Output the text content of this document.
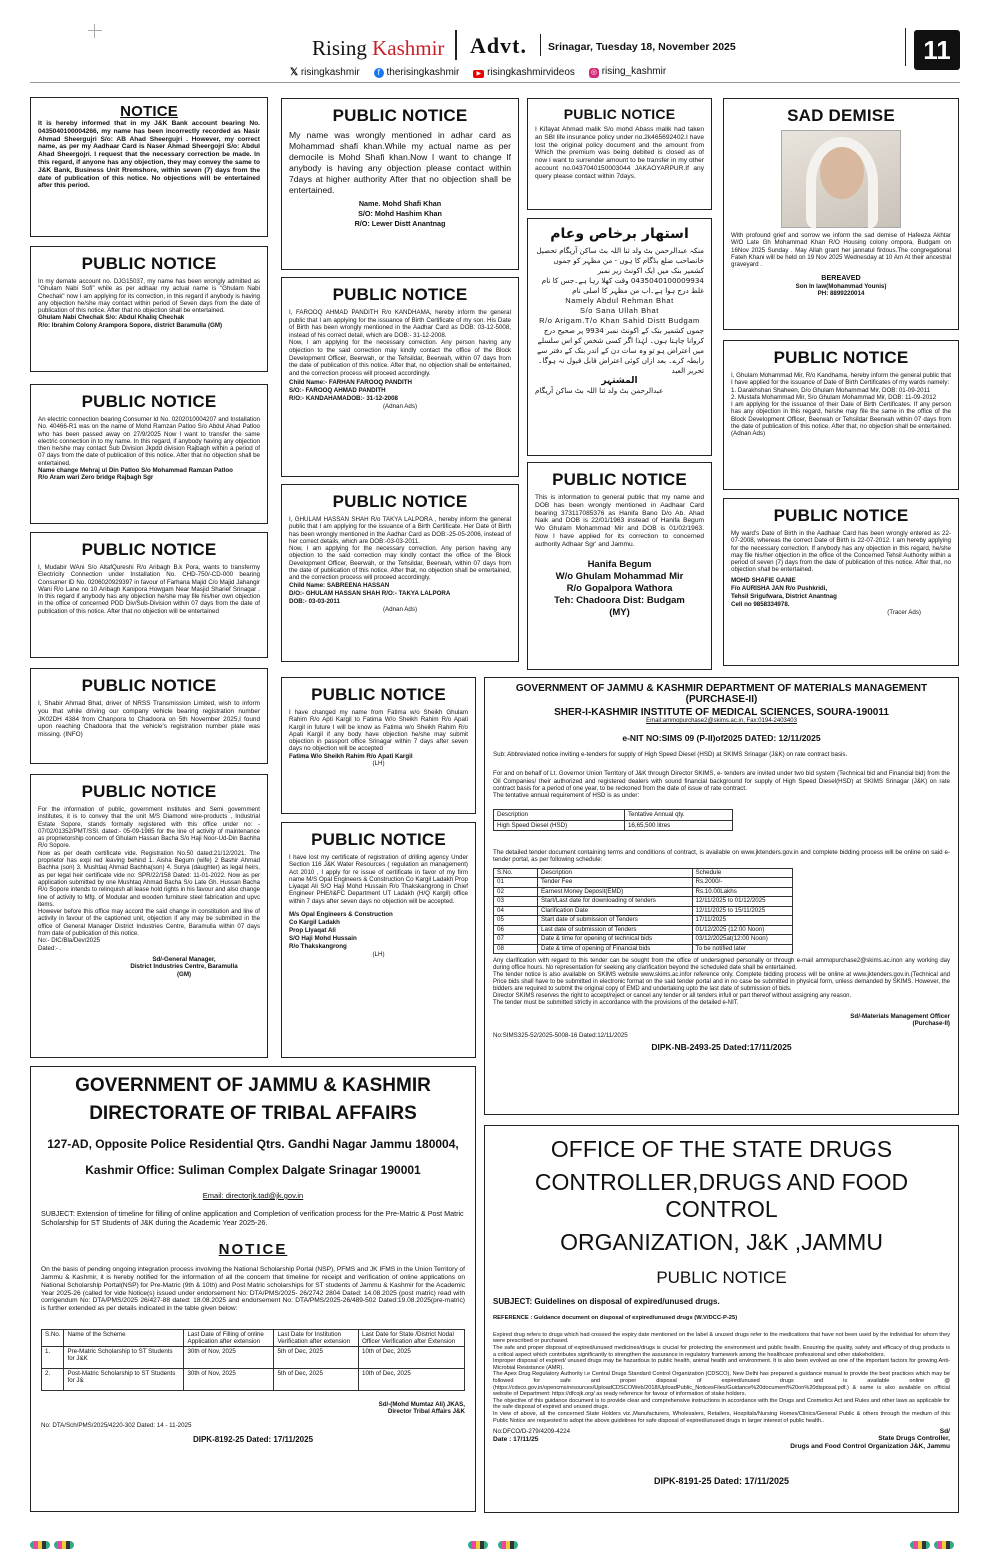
Rising Kashmir Advt. Srinagar, Tuesday 18, November 2025	11
𝕏 risingkashmir	f therisingkashmir	▶ risingkashmirvideos ◎ rising_kashmir
NOTICE

It is hereby informed that in my J&K Bank account bearing No. 0435040100004266, my name has been incorrectly recorded as Nasir Ahmad Sheergujri S/o: AB Ahad Sheergujri . However, my correct name, as per my Aadhaar Card is Naser Ahmad Sheergojri S/o: Abdul Ahad Sheergojri. I request that the necessary correction be made. In this regard, if anyone has any objection, they may convey the same to J&K Bank, Business Unit Rremshore, within seven (7) days from the date of publication of this notice. No objections will be entertained after this period.

PUBLIC NOTICE

My name was wrongly mentioned in adhar card as Mohammad shafi khan.While my actual name as per democile is Mohd Shafi khan.Now I want to change If anybody is having any objection please contact within 7days at higher authority After that no objection shall be entertained.

Name. Mohd Shafi Khan
S/O: Mohd Hashim Khan
R/O: Lewer Distt Anantnag

PUBLIC NOTICE

I Kifayat Ahmad malik S/o mohd Abass malik had taken an SBI life insurance policy under no.2k465692402.I have lost the original policy document and the amount from Which the premium was being debited is closed as of now I want to surrender amount to be transfer in my other account no.0437040150003044 JAKAOYARPUR.If any query please contact within 7days.

SAD DEMISE

With profound grief and sorrow we inform the sad demise of Hafeeza Akhtar W/O Late Gh Mohammad Khan R/O Housing colony ompora, Budgam on 16Nov 2025 Sunday . May Allah grant her jannatul firdous.The congregational Fateh Khani will be held on 19 Nov 2025 Wednesday at 10 Am At their ancestral graveyard .

BEREAVED

Son In law(Mohammad Younis)

PH: 8899220014

PUBLIC NOTICE

In my demate account no. DJG15037, my name has been wrongly admitted as "Ghulam Nabi Sofi" while as per adhaar my actual name is "Ghulam Nabi Chechak" now I am applying for its correction, in this regard if anybody is having any objection he/she may contact within period of Seven days from the date of publication of this notice. After that no objection shall be entertained.

Ghulam Nabi Chechak S/o: Abdul Khaliq Chechak
R/o: Ibrahim Colony Arampora Sopore, district Baramulla (GM)

PUBLIC NOTICE

I, FAROOQ AHMAD PANDITH R/o KANDHAMA, hereby inform the general public that I am applying for the issuance of Birth Certificate of my son. His Date of Birth has been wrongly mentioned in the Aadhar Card as DOB: 03-12-5008, instead of his correct detail, which are DOB:- 31-12-2008.
Now, I am applying for the necessary correction. Any person having any objection to the said correction may kindly contact the office of the Block Development Officer, Beerwah, or the Tehsildar, Beerwah, within 07 days from the date of publication of this notice. After that, no objection shall be entertained, and the correction process will proceed accordingly.

Child Name:- FARHAN FAROOQ PANDITH
S/O:- FAROOQ AHMAD PANDITH
R/O:- KANDAHAMADOB:- 31-12-2008

(Adnan Ads)

استھار برخاص وعام

منکہ عبدالرحمن بٹ ولد ثنا اللہ بٹ ساکن آریگام تحصیل خانصاحب ضلع بڈگام کا ہوں - من مظہر کو جموں کشمیر بنک میں ایک اکونٹ زیر نمبر 0435040100009934 وقت کھلا رہا ہے۔جس کا نام غلط درج ہوا ہے۔اب من مظہر کا اصلی نام

Namely Abdul Rehman Bhat
S/o Sana Ullah Bhat
R/o Arigam.T/o Khan Sahid Distt Budgam

جموں کشمیر بنک کے اکونٹ نمبر 9934 پر صحیح درج کروانا چاہتا ہوں۔ لہٰذا اگر کسی شخص کو اس سلسلے میں اعتراض ہو تو وہ سات دن کے اندر بنک کے دفتر سے رابطہ کرے۔ بعد ازاں کوئی اعتراض قابل قبول نہ ہوگا۔ تحریر العبد

المشتہر

عبدالرحمن بٹ ولد ثنا اللہ بٹ ساکن آریگام

PUBLIC NOTICE

An electric connection bearing Consumer Id No. 0202010004207 and Installation No. 40466-R1 was on the name of Mohd Ramzan Patloo S/o Abdul Ahad Patloo who has been passed away on 27/9/2025 Now I want to transfer the same electric connection in to my name. In this regard, if anybody having any objection then he/she may contact Sub Division Jkpdd division Rajbagh within a period of 07 days from the date of publication of this notice. After that no objection shall be entertained.

Name change Mehraj ul Din Patloo S/o Mohammad Ramzan Patloo
R/o Aram wari Zero bridge Rajbagh Sgr

PUBLIC NOTICE

I, Ghulam Mohammad Mir, R/o Kandhama, hereby inform the general public that I have applied for the issuance of Date of Birth Certificates of my wards namely:
1. Darakhshan Shaheen, D/o Ghulam Mohammad Mir, DOB: 01-09-2011
2. Mustafa Mohammad Mir, S/o Ghulam Mohammad Mir, DOB: 11-09-2012
I am applying for the issuance of their Date of Birth Certificates. If any person has any objection in this regard, he/she may file the same in the office of the Block Development Officer, Beerwah or Tehsildar Beerwah within 07 days from the date of publication of this notice. After that, no objection shall be entertained. (Adnan Ads)

PUBLIC NOTICE

This is information to general public that my name and DOB has been wrongly mentioned in Aadhaar Card bearing 373117085376 as Hanifa Bano D/o Ab. Ahad Naik and DOB is 22/01/1963 instead of Hanifa Begum Wo Ghulam Mohammad Mir and DOB is 01/02/1963. Now I have applied for its correction to concerned authority Adhaar Sgr' and Jammu.

Hanifa Begum
W/o Ghulam Mohammad Mir
R/o Gopalpora Wathora
Teh: Chadoora Dist: Budgam
(MY)

PUBLIC NOTICE

I, GHULAM HASSAN SHAH R/o TAKYA LALPORA , hereby inform the general public that I am applying for the issuance of a Birth Certificate. Her Date of Birth has been wrongly mentioned in the Aadhar Card as DOB:-25-05-2006, instead of her correct details, which are DOB:-03-03-2011.
Now, I am applying for the necessary correction. Any person having any objection to the said correction may kindly contact the office of the Block Development Officer, Beerwah, or the Tehsildar, Beerwah, within 07 days from the date of publication of this notice. After that, no objection shall be entertained, and the correction process will proceed accordingly.

Child Name: SABREENA HASSAN
D/O:- GHULAM HASSAN SHAH R/O:- TAKYA LALPORA
DOB:- 03-03-2011

(Adnan Ads)

PUBLIC NOTICE

My ward's Date of Birth in the Aadhaar Card has been wrongly entered as 22-07-2008, whereas the correct Date of Birth is 22-07-2012. I am hereby applying for the necessary correction. If anybody has any objection in this regard, he/she may file his/her objection in the office of the Concerned Tehsil Authority within a period of seven (7) days from the date of publication of this notice. After that, no objection shall be entertained.

MOHD SHAFIE GANIE
F/o AURISHA JAN R/o Pushkridi,
Tehsil Srigufwara, District Anantnag
Cell no 9858334978.

(Tracer Ads)

PUBLIC NOTICE

I, Mudabir WAni S/o AltafQureshi R/o Aribagh B.k Pora, wants to transfermy Electricity Connection under Installation No. CHD-750/-CD-000 bearing Consumer ID No. 0206020929397 in favour of Farhana Majid C/o Majid Jahangir Wani R/o Lane no 10 Aribagh Kanipora Howgam Near Masjid Sharief Srinagar . In this regard if anybody has any objection he/she may file his/her own objection in the office of concerned PDD Div/Sub-Division within 07 days from the date of publication of this notice. After that no objection will be entertained

PUBLIC NOTICE

I, Shabir Ahmad Bhat, driver of NRSS Transmission Limited, wish to inform you that while driving our company vehicle bearing registration number JK02DH 4384 from Chanpora to Chadoora on 5th November 2025,I found upon reaching Chadoora that the vehicle's registration number plate was missing. (INFO)

PUBLIC NOTICE

I have changed my name from Fatima w/o Sheikh Ghulam Rahim R/o Apti Kargil to Fatima W/o Sheikh Rahim R/o Apati Kargil in future I will be know as Fatima w/o Sheikh Rahim R/o Apati Kargil if any body have objection he/she may submit objection in passport office Srinagar within 7 days after seven days no objection will be accepted

Fatima W/o Sheikh Rahim R/o Apati Kargil

(LH)

PUBLIC NOTICE

For the information of public, government institutes and Semi government institutes, it is to convey that the unit M/S Diamond wire-products , Industrial Estate Sopore, stands formally registered with this office under no: - 07/02/01352/PMT/SSI. dated:- 05-09-1985 for the line of activity of maintenance as proprietorship concern of Ghulam Hassan Bacha S/o Haji Noor-Ud-Din Bachha R/o Sopore.
Now as per death certificate vide. Registration No.50 dated:21/12/2021. The proprietor has expi red leaving behind 1. Aisha Begum (wife) 2 Bashir Ahmad Bachha (son) 3. Mushtaq Ahmad Bachha(son) 4. Surya (daughter) as legal heirs, as per legal heir certificate vide no: SPR/22/158 Dated: 11-01-2022. Now as per application submitted by one Mushtaq Ahmad Bacha S/o Late Gh. Hussan Bacha R/o Sopore intends to relinquish all lease hold rights in his favour and also change line of activity to Mfg. of Modular and wooden furniture steel fabrication and upvc items.
However before this office may accord the said change in constitution and line of activity in favour of the captioned unit, objection if any may be submitted in the office of General Manager District Industries Centre, Baramulla within 07 days from date of publication of this notice.
No:- DIC/Bla/Dev/2025
Dated:- .

Sd/-General Manager,
District Industries Centre, Baramulla
(GM)

PUBLIC NOTICE

I have lost my certificate of registration of drilling agency Under Section 116 J&K Water Resources ( regulation an management) Act 2010 , I apply for re issue of certificate in favor of my firm name M/S Opal Engineers & Construction Co Kargil Ladakh Prop Liyaqat Ali S/O Haji Mohd Hussain R/o Thakskangrong in Chief Engineer PHE/I&FC Department UT Ladakh (H/Q Kargil) office within 7 days after seven days no objection will be accepted.

M/s Opal Engineers & Construction
Co Kargil Ladakh
Prop Llyaqat Ali
S/O Haji Mohd Hussain
R/o Thakskangrong

(LH)

GOVERNMENT OF JAMMU & KASHMIR DEPARTMENT OF MATERIALS MANAGEMENT (PURCHASE-II)
SHER-I-KASHMIR INSTITUTE OF MEDICAL SCIENCES, SOURA-190011
Email:ammopurchase2@skims.ac.in, Fax:0194-2403403
e-NIT NO:SIMS 09 (P-II)of2025 DATED: 12/11/2025

Sub: Abbreviated notice inviting e-tenders for supply of High Speed Diesel (HSD) at SKIMS Srinagar (J&K) on rate contract basis.

For and on behalf of Lt. Governor Union Territory of J&K through Director SKIMS, e- tenders are invited under two bid system (Technical bid and Financial bid) from the Oil Companies/ their authorized and registered dealers with sound financial background for supply of High Speed Diesel(HSD) at SKIMS Srinagar (J&K) on rate contract basis for a period of one year, to be reckoned from the date of issue of rate contract.
The tentative annual requirement of HSD is as under:

Description	Tentative Annual qty.
High Speed Diesel (HSD)	16,65,500 litres

The detailed tender document containing terms and conditions of contract, is available on www.jktenders.gov.in and complete bidding process will be online on said e- tender portal, as per following schedule:

S.No.	Description	Schedule
01	Tender Fee	Rs.2000/-
02	Earnest Money Deposit(EMD)	Rs.10.00Lakhs
03	Start/Last date for downloading of tenders	12/11/2025 to 01/12/2025
04	Clarification Date	12/11/2025 to 15/11/2025
05	Start date of submission of Tenders	17/11/2025
06	Last date of submission of Tenders	01/12/2025 (12:00 Noon)
07	Date & time for opening of technical bids	03/12/2025at(12:00 Noon)
08	Date & time of opening of Financial bids	To be notified later

Any clarification with regard to this tender can be sought from the office of undersigned personally or through e-mail ammopurchase2@skims.ac.inon any working day during office hours. No representation for seeking any clarification beyond the scheduled date shall be entertained.
The tender notice is also available on SKIMS website www.skims.ac.infor reference only. Complete bidding process will be online at www.jktenders.gov.in.(Technical and Price bids shall have to be submitted in electronic format on the said tender portal and in no case be submitted in physical form, unless demanded by SKIMS. However, the bidders are required to submit the original copy of EMD and undertaking upto the last date of submission of bids.
Director SKIMS reserves the right to accept/reject or cancel any tender or all tenders infull or part thereof without assigning any reason.
The tender must be submitted strictly in accordance with the provisions of the detailed e-NIT.

Sd/-Materials Management Officer
(Purchase-II)

No:SIMS325-52/2025-5008-16 Dated:12/11/2025

DIPK-NB-2493-25 Dated:17/11/2025

GOVERNMENT OF JAMMU & KASHMIR
DIRECTORATE OF TRIBAL AFFAIRS
127-AD, Opposite Police Residential Qtrs. Gandhi Nagar Jammu 180004,
Kashmir Office: Suliman Complex Dalgate Srinagar 190001
Email: directorjk.tad@jk.gov.in

SUBJECT: Extension of timeline for filling of online application and Completion of verification process for the Pre-Matric & Post Matric Scholarship for ST Students of J&K during the Academic Year 2025-26.

NOTICE

On the basis of pending ongoing integration process involving the National Scholarship Portal (NSP), PFMS and JK IFMS in the Union Territory of Jammu & Kashmir, it is hereby notified for the information of all the concern that timeline for receipt and verification of online applications on National Scholarship Portal(NSP) for Pre-Matric (9th & 10th) and Post Matric scholarships for ST students of Jammu & Kashmir for the Academic Year 2025-26 (called for vide Notice(s) issued under endorsement No: DTA/PMS/2025- 26/2742 2804 Dated: 14.08.2025 (post matric) read with corrigendum No: DTA/PMS/2025 26/427-88 dated: 18.08.2025 and endorsement No: DTA/PMS/2025-26/489-502 Dated:19.08.2025(pre-matric) is further extended as per details indicated in the table given below:

S.No.	Name of the Scheme	Last Date of Filling of online Application after extension	Last Date for Institution Verification after extension	Last Date for State /District Nodal Officer Verification after Extension
1.	Pre-Matric Scholarship to ST Students for J&K	30th of Nov, 2025	5th of Dec, 2025	10th of Dec, 2025
2.	Post-Matric Scholarship to ST Students for J&	30th of Nov, 2025	5th of Dec, 2025	10th of Dec, 2025

Sd/-(Mohd Mumtaz Ali) JKAS,
Director Tribal Affairs J&K

No: DTA/Sch/PMS/2025/4220-302 Dated: 14 - 11-2025

DIPK-8192-25 Dated: 17/11/2025

OFFICE OF THE STATE DRUGS
CONTROLLER,DRUGS AND FOOD CONTROL
ORGANIZATION, J&K ,JAMMU
PUBLIC NOTICE

SUBJECT: Guidelines on disposal of expired/unused drugs.

REFERENCE : Guidance document on disposal of expired/unused drugs (W.V/DCC-P-25)

Expired drug refers to drugs which had crossed the expiry date mentioned on the label & unused drugs refer to the medications that have not been used by the individual for whom they were prescribed or purchased.
The safe and proper disposal of expired/unused medicines/drugs is crucial for protecting the environment and public health. Ensuring the quality, safety and efficacy of drug products is a critical aspect which contributes significantly to strengthen the assurance in regulatory framework among the healthcare professional and other stakeholders.
Improper disposal of expired/ unused drugs may be hazardous to public health, animal health and environment. It is also been evolved as one of the important factors for growing Anti-Microbial Resistance (AMR).
The Apex Drug Regulatory Authority i.e Central Drugs Standard Control Organization (CDSCO), New Delhi has prepared a guidance manual to provide the best practices which may be followed for safe and proper disposal of expired/unused drugs and is available online @ (https://cdsco.gov.in/opencms/resources/UploadCDSCOWeb/2018/UploadPublic_NoticesFiles/Guidance%20document%20on%20disposal.pdf.) & same is also available on official website of Department: https://dfcojk.org/ as ready reference for favour of information of stake holders.
The objective of this guidance document is to provide clear and comprehensive instructions in accordance with the Drugs and Cosmetics Act and Rules and other laws as applicable for the safe disposal of expired and unused drugs.
In view of above, all the concerned State Holders viz.,Manufacturers, Wholesalers, Retailers, Hospitals/Nursing Homes/Clinics/General Public & others through the medium of this Public Notice are requested to adopt the above guidelines for safe disposal of expired/unused drugs in larger interest of public health..

No:DFCO/D-279/4209-4224

Date : 17/11/25

Sd/
State Drugs Controller,
Drugs and Food Control Organization J&K, Jammu

DIPK-8191-25 Dated: 17/11/2025
